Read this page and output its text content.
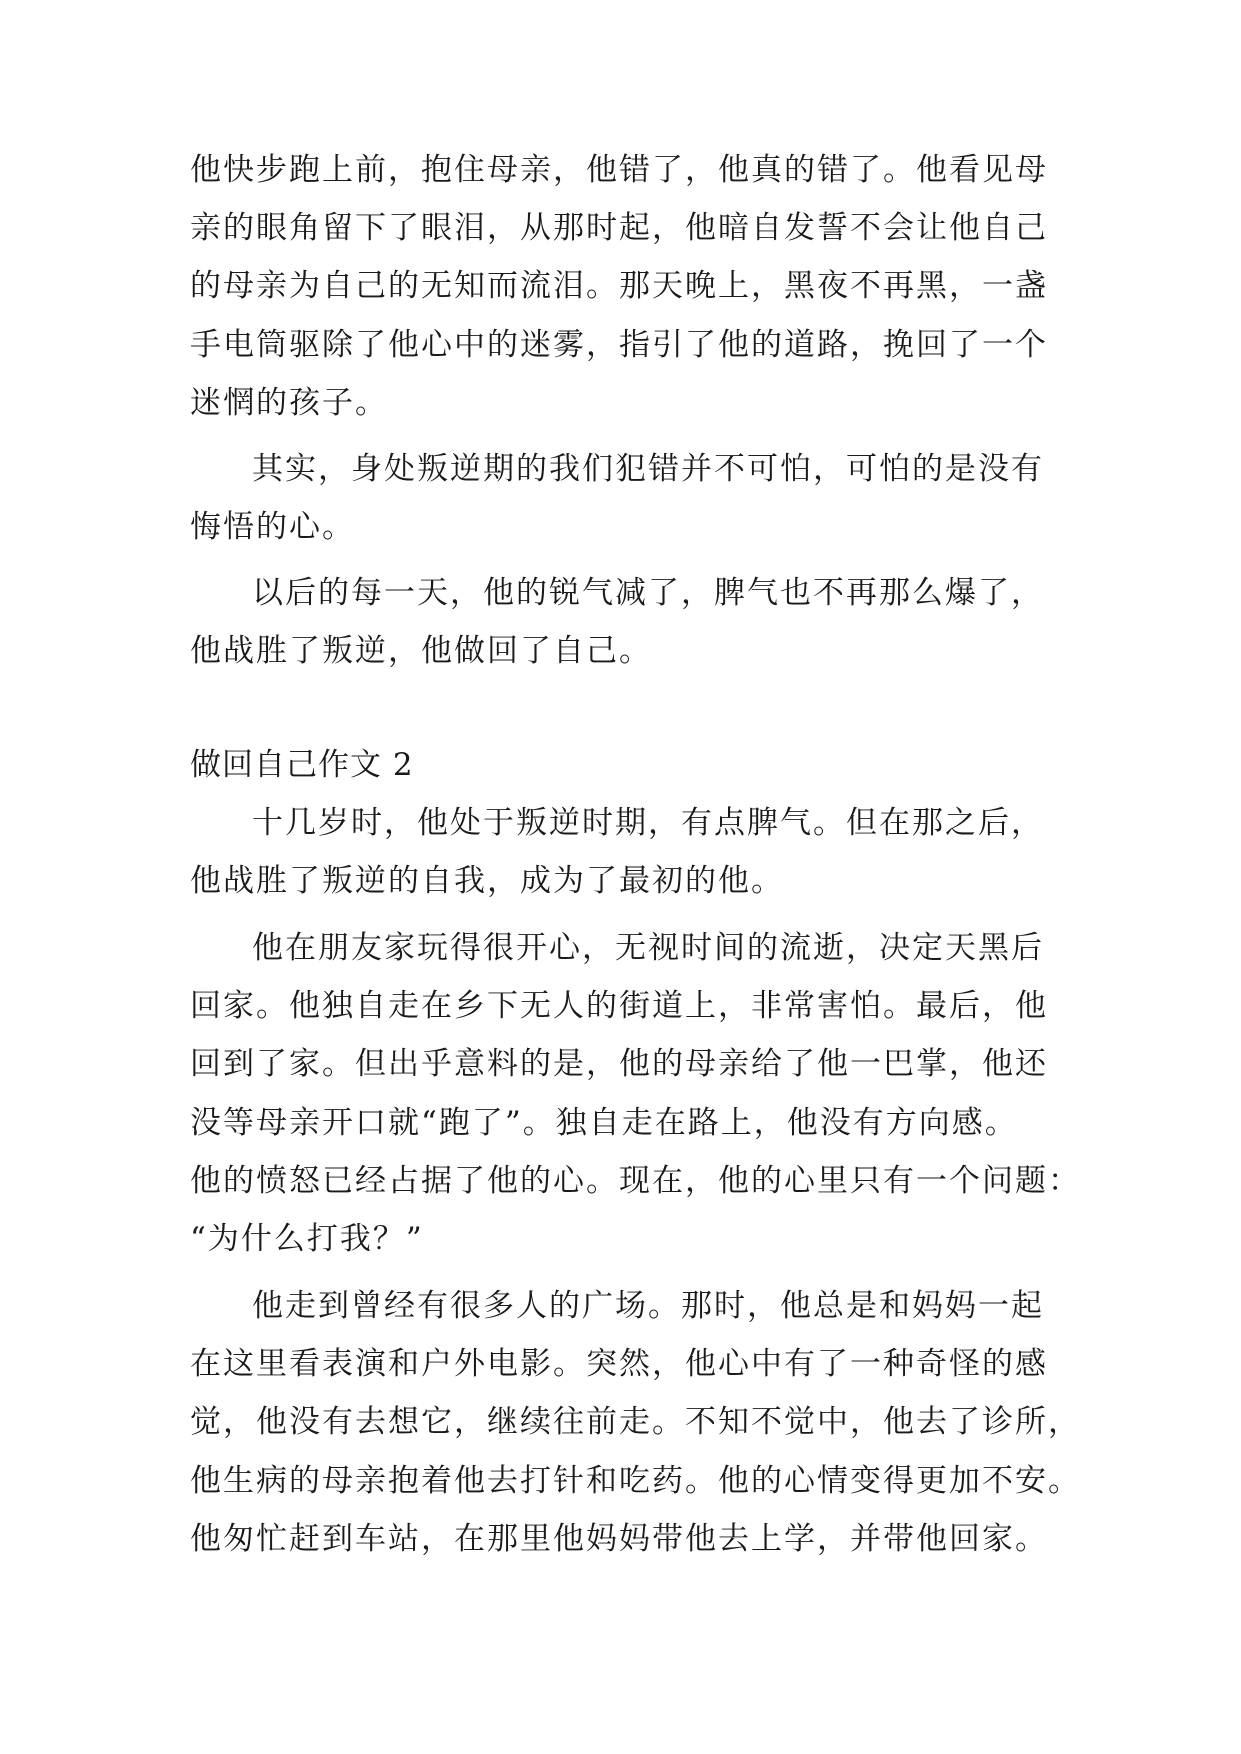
他快步跑上前，抱住母亲，他错了，他真的错了。他看见母
亲的眼角留下了眼泪，从那时起，他暗自发誓不会让他自己
的母亲为自己的无知而流泪。那天晚上，黑夜不再黑，一盏
手电筒驱除了他心中的迷雾，指引了他的道路，挽回了一个
迷惘的孩子。
其实，身处叛逆期的我们犯错并不可怕，可怕的是没有
悔悟的心。
以后的每一天，他的锐气减了，脾气也不再那么爆了，
他战胜了叛逆，他做回了自己。
做回自己作文 2
十几岁时，他处于叛逆时期，有点脾气。但在那之后，
他战胜了叛逆的自我，成为了最初的他。
他在朋友家玩得很开心，无视时间的流逝，决定天黑后
回家。他独自走在乡下无人的街道上，非常害怕。最后，他
回到了家。但出乎意料的是，他的母亲给了他一巴掌，他还
没等母亲开口就“跑了”。独自走在路上，他没有方向感。
他的愤怒已经占据了他的心。现在，他的心里只有一个问题：
“为什么打我？”
他走到曾经有很多人的广场。那时，他总是和妈妈一起
在这里看表演和户外电影。突然，他心中有了一种奇怪的感
觉，他没有去想它，继续往前走。不知不觉中，他去了诊所，
他生病的母亲抱着他去打针和吃药。他的心情变得更加不安。
他匆忙赶到车站，在那里他妈妈带他去上学，并带他回家。
